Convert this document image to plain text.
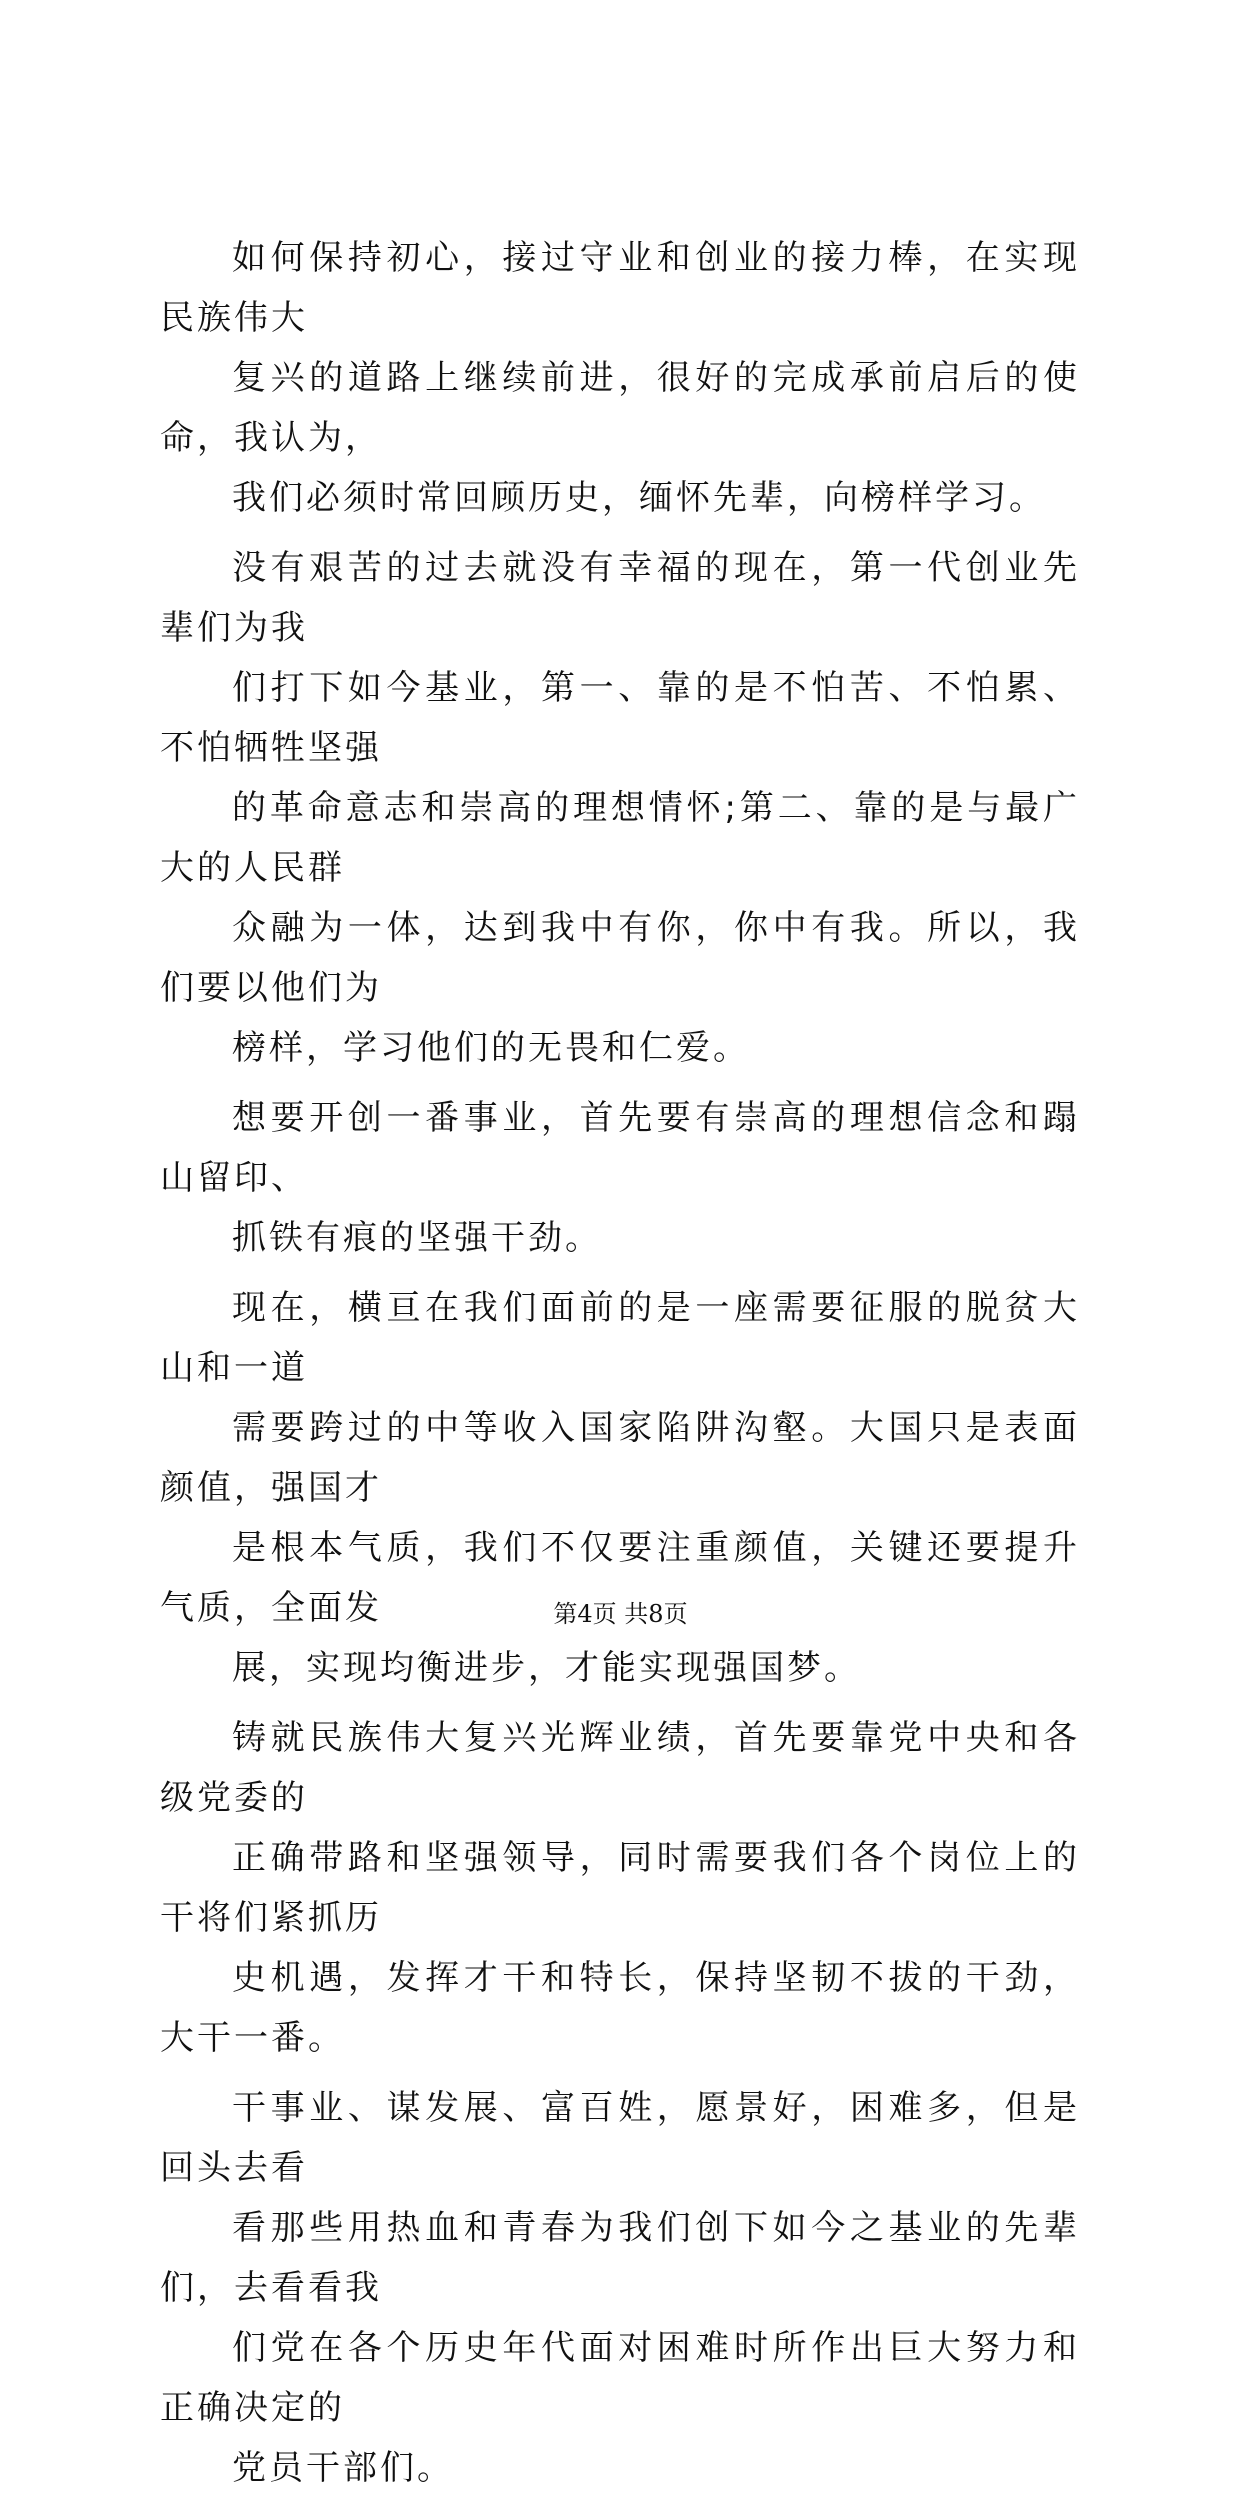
如何保持初心，接过守业和创业的接力棒，在实现民族伟大
复兴的道路上继续前进，很好的完成承前启后的使命，我认为，
我们必须时常回顾历史，缅怀先辈，向榜样学习。

没有艰苦的过去就没有幸福的现在，第一代创业先辈们为我
们打下如今基业，第一、靠的是不怕苦、不怕累、不怕牺牲坚强
的革命意志和崇高的理想情怀;第二、靠的是与最广大的人民群
众融为一体，达到我中有你，你中有我。所以，我们要以他们为
榜样，学习他们的无畏和仁爱。

想要开创一番事业，首先要有崇高的理想信念和蹋山留印、
抓铁有痕的坚强干劲。

现在，横亘在我们面前的是一座需要征服的脱贫大山和一道
需要跨过的中等收入国家陷阱沟壑。大国只是表面颜值，强国才
是根本气质，我们不仅要注重颜值，关键还要提升气质，全面发
展，实现均衡进步，才能实现强国梦。

铸就民族伟大复兴光辉业绩，首先要靠党中央和各级党委的
正确带路和坚强领导，同时需要我们各个岗位上的干将们紧抓历
史机遇，发挥才干和特长，保持坚韧不拔的干劲，大干一番。

干事业、谋发展、富百姓，愿景好，困难多，但是回头去看
看那些用热血和青春为我们创下如今之基业的先辈们，去看看我
们党在各个历史年代面对困难时所作出巨大努力和正确决定的
党员干部们。

第4页 共8页
